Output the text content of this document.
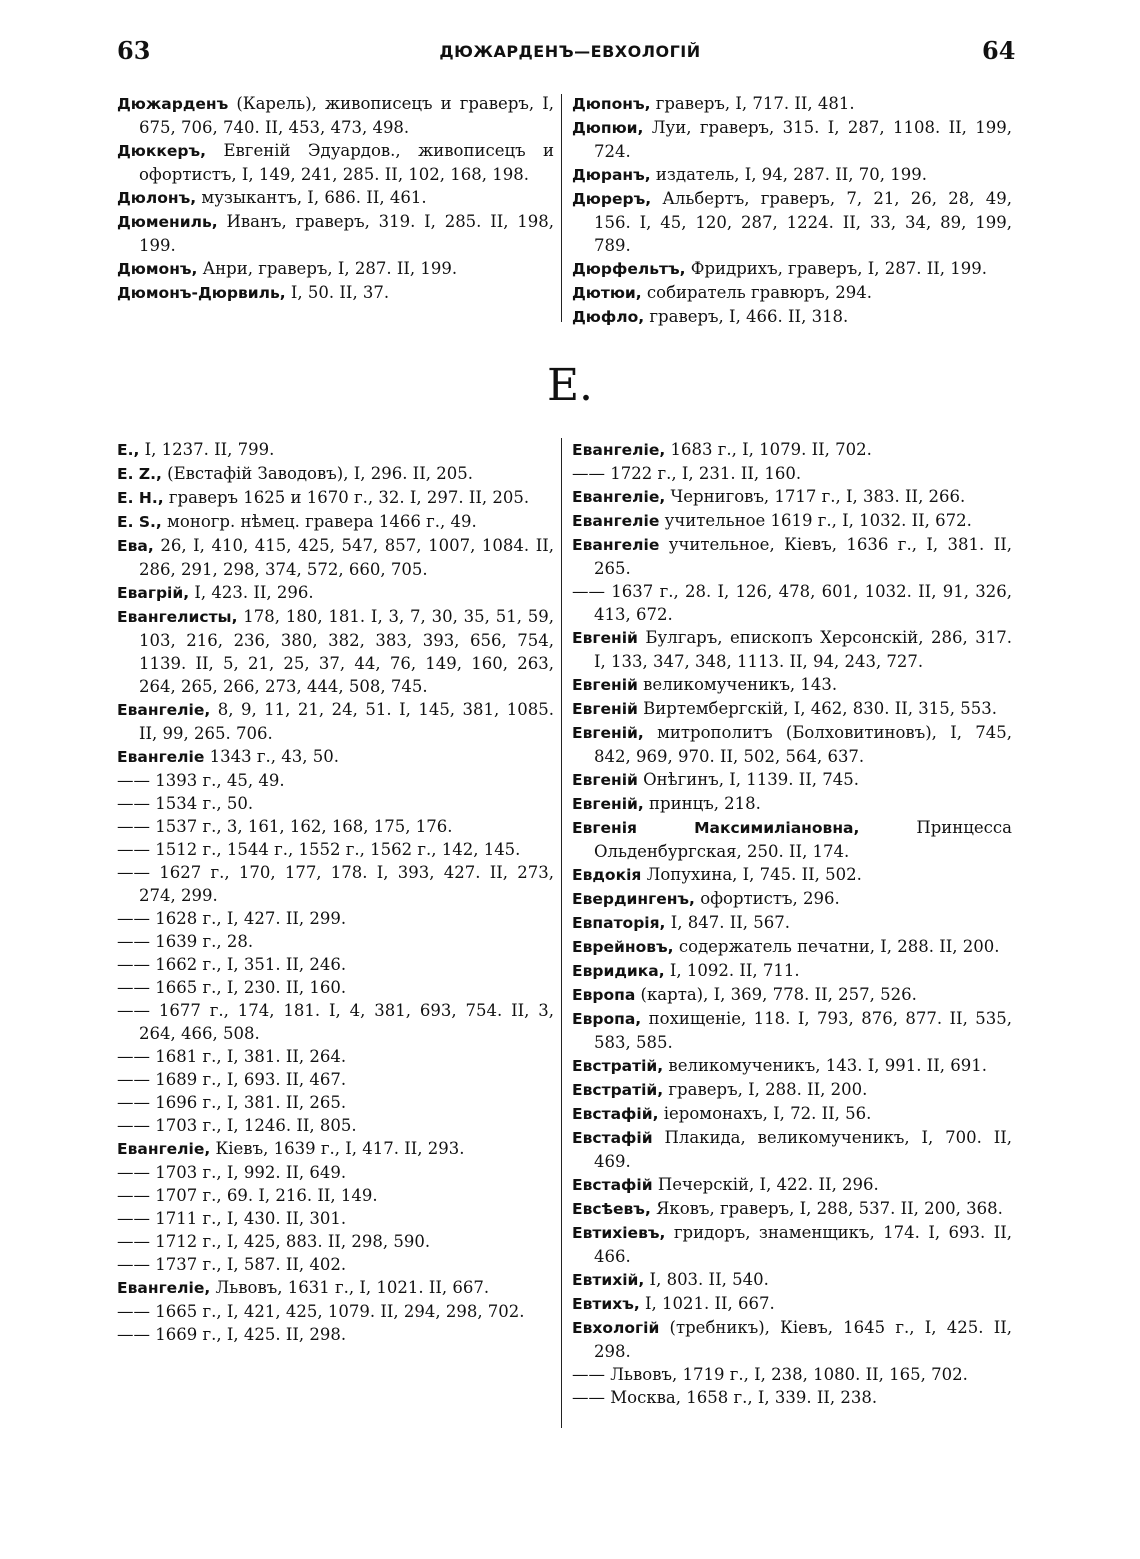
63	ДЮЖАРДЕНЪ—ЕВХОЛОГІЙ	64

Дюжарденъ (Карель), живописецъ и граверъ, I, 675, 706, 740. II, 453, 473, 498.

Дюккеръ, Евгеній Эдуардов., живописецъ и офортистъ, I, 149, 241, 285. II, 102, 168, 198.

Дюлонъ, музыкантъ, I, 686. II, 461.

Дюмениль, Иванъ, граверъ, 319. I, 285. II, 198, 199.

Дюмонъ, Анри, граверъ, I, 287. II, 199.

Дюмонъ-Дюрвиль, I, 50. II, 37.

Дюпонъ, граверъ, I, 717. II, 481.

Дюпюи, Луи, граверъ, 315. I, 287, 1108. II, 199, 724.

Дюранъ, издатель, I, 94, 287. II, 70, 199.

Дюреръ, Альбертъ, граверъ, 7, 21, 26, 28, 49, 156. I, 45, 120, 287, 1224. II, 33, 34, 89, 199, 789.

Дюрфельтъ, Фридрихъ, граверъ, I, 287. II, 199.

Дютюи, собиратель гравюръ, 294.

Дюфло, граверъ, I, 466. II, 318.

Е.

Е., I, 1237. II, 799.

Е. Z., (Евстафій Заводовъ), I, 296. II, 205.

Е. Н., граверъ 1625 и 1670 г., 32. I, 297. II, 205.

Е. S., моногр. нѣмец. гравера 1466 г., 49.

Ева, 26, I, 410, 415, 425, 547, 857, 1007, 1084. II, 286, 291, 298, 374, 572, 660, 705.

Евагрій, I, 423. II, 296.

Евангелисты, 178, 180, 181. I, 3, 7, 30, 35, 51, 59, 103, 216, 236, 380, 382, 383, 393, 656, 754, 1139. II, 5, 21, 25, 37, 44, 76, 149, 160, 263, 264, 265, 266, 273, 444, 508, 745.

Евангеліе, 8, 9, 11, 21, 24, 51. I, 145, 381, 1085. II, 99, 265. 706.

Евангеліе 1343 г., 43, 50.

—— 1393 г., 45, 49.

—— 1534 г., 50.

—— 1537 г., 3, 161, 162, 168, 175, 176.

—— 1512 г., 1544 г., 1552 г., 1562 г., 142, 145.

—— 1627 г., 170, 177, 178. I, 393, 427. II, 273, 274, 299.

—— 1628 г., I, 427. II, 299.

—— 1639 г., 28.

—— 1662 г., I, 351. II, 246.

—— 1665 г., I, 230. II, 160.

—— 1677 г., 174, 181. I, 4, 381, 693, 754. II, 3, 264, 466, 508.

—— 1681 г., I, 381. II, 264.

—— 1689 г., I, 693. II, 467.

—— 1696 г., I, 381. II, 265.

—— 1703 г., I, 1246. II, 805.

Евангеліе, Кіевъ, 1639 г., I, 417. II, 293.

—— 1703 г., I, 992. II, 649.

—— 1707 г., 69. I, 216. II, 149.

—— 1711 г., I, 430. II, 301.

—— 1712 г., I, 425, 883. II, 298, 590.

—— 1737 г., I, 587. II, 402.

Евангеліе, Львовъ, 1631 г., I, 1021. II, 667.

—— 1665 г., I, 421, 425, 1079. II, 294, 298, 702.

—— 1669 г., I, 425. II, 298.

Евангеліе, 1683 г., I, 1079. II, 702.

—— 1722 г., I, 231. II, 160.

Евангеліе, Черниговъ, 1717 г., I, 383. II, 266.

Евангеліе учительное 1619 г., I, 1032. II, 672.

Евангеліе учительное, Кіевъ, 1636 г., I, 381. II, 265.

—— 1637 г., 28. I, 126, 478, 601, 1032. II, 91, 326, 413, 672.

Евгеній Булгаръ, епископъ Херсонскій, 286, 317. I, 133, 347, 348, 1113. II, 94, 243, 727.

Евгеній великомученикъ, 143.

Евгеній Виртембергскій, I, 462, 830. II, 315, 553.

Евгеній, митрополитъ (Болховитиновъ), I, 745, 842, 969, 970. II, 502, 564, 637.

Евгеній Онѣгинъ, I, 1139. II, 745.

Евгеній, принцъ, 218.

Евгенія Максимиліановна, Принцесса Ольденбургская, 250. II, 174.

Евдокія Лопухина, I, 745. II, 502.

Евердингенъ, офортистъ, 296.

Евпаторія, I, 847. II, 567.

Еврейновъ, содержатель печатни, I, 288. II, 200.

Евридика, I, 1092. II, 711.

Европа (карта), I, 369, 778. II, 257, 526.

Европа, похищеніе, 118. I, 793, 876, 877. II, 535, 583, 585.

Евстратій, великомученикъ, 143. I, 991. II, 691.

Евстратій, граверъ, I, 288. II, 200.

Евстафій, іеромонахъ, I, 72. II, 56.

Евстафій Плакида, великомученикъ, I, 700. II, 469.

Евстафій Печерскій, I, 422. II, 296.

Евсѣевъ, Яковъ, граверъ, I, 288, 537. II, 200, 368.

Евтихіевъ, гридоръ, знаменщикъ, 174. I, 693. II, 466.

Евтихій, I, 803. II, 540.

Евтихъ, I, 1021. II, 667.

Евхологій (требникъ), Кіевъ, 1645 г., I, 425. II, 298.

—— Львовъ, 1719 г., I, 238, 1080. II, 165, 702.

—— Москва, 1658 г., I, 339. II, 238.
